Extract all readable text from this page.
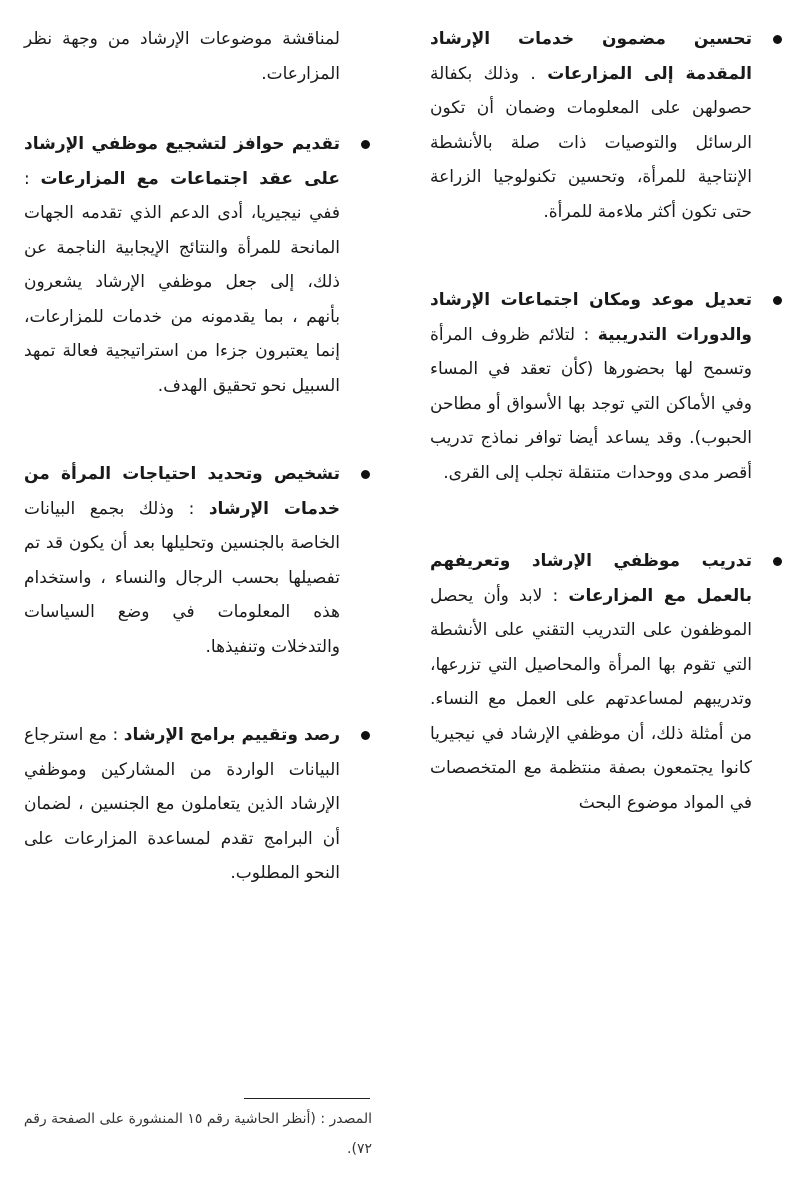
تحسين مضمون خدمات الإرشاد المقدمة إلى المزارعات . وذلك بكفالة حصولهن على المعلومات وضمان أن تكون الرسائل والتوصيات ذات صلة بالأنشطة الإنتاجية للمرأة، وتحسين تكنولوجيا الزراعة حتى تكون أكثر ملاءمة للمرأة.
تعديل موعد ومكان اجتماعات الإرشاد والدورات التدريبية : لتلائم ظروف المرأة وتسمح لها بحضورها (كأن تعقد في المساء وفي الأماكن التي توجد بها الأسواق أو مطاحن الحبوب). وقد يساعد أيضا توافر نماذج تدريب أقصر مدى ووحدات متنقلة تجلب إلى القرى.
تدريب موظفي الإرشاد وتعريفهم بالعمل مع المزارعات : لابد وأن يحصل الموظفون على التدريب التقني على الأنشطة التي تقوم بها المرأة والمحاصيل التي تزرعها، وتدريبهم لمساعدتهم على العمل مع النساء. من أمثلة ذلك، أن موظفي الإرشاد في نيجيريا كانوا يجتمعون بصفة منتظمة مع المتخصصات في المواد موضوع البحث
لمناقشة موضوعات الإرشاد من وجهة نظر المزارعات.
تقديم حوافز لتشجيع موظفي الإرشاد على عقد اجتماعات مع المزارعات : ففي نيجيريا، أدى الدعم الذي تقدمه الجهات المانحة للمرأة والنتائج الإيجابية الناجمة عن ذلك، إلى جعل موظفي الإرشاد يشعرون بأنهم ، بما يقدمونه من خدمات للمزارعات، إنما يعتبرون جزءا من استراتيجية فعالة تمهد السبيل نحو تحقيق الهدف.
تشخيص وتحديد احتياجات المرأة من خدمات الإرشاد : وذلك بجمع البيانات الخاصة بالجنسين وتحليلها بعد أن يكون قد تم تفصيلها بحسب الرجال والنساء ، واستخدام هذه المعلومات في وضع السياسات والتدخلات وتنفيذها.
رصد وتقييم برامج الإرشاد : مع استرجاع البيانات الواردة من المشاركين وموظفي الإرشاد الذين يتعاملون مع الجنسين ، لضمان أن البرامج تقدم لمساعدة المزارعات على النحو المطلوب.
المصدر : (أنظر الحاشية رقم ١٥ المنشورة على الصفحة رقم ٧٢).
